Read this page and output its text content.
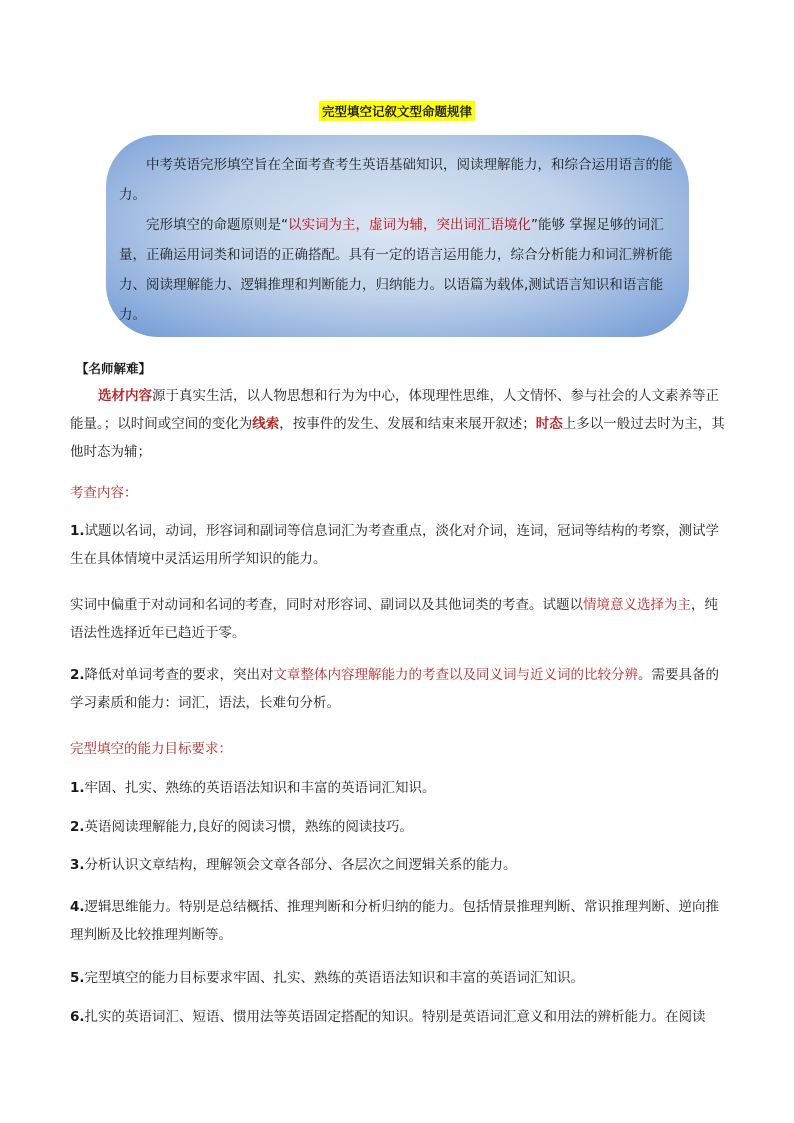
完型填空记叙文型命题规律

中考英语完形填空旨在全面考查考生英语基础知识，阅读理解能力，和综合运用语言的能力。

完形填空的命题原则是“以实词为主，虚词为辅，突出词汇语境化”能够 掌握足够的词汇量，正确运用词类和词语的正确搭配。具有一定的语言运用能力，综合分析能力和词汇辨析能力、阅读理解能力、逻辑推理和判断能力，归纳能力。以语篇为载体,测试语言知识和语言能力。

【名师解难】

选材内容源于真实生活，以人物思想和行为为中心，体现理性思维，人文情怀、参与社会的人文素养等正能量。；以时间或空间的变化为线索，按事件的发生、发展和结束来展开叙述；时态上多以一般过去时为主，其他时态为辅；

考查内容：

1.试题以名词，动词，形容词和副词等信息词汇为考查重点，淡化对介词，连词，冠词等结构的考察，测试学生在具体情境中灵活运用所学知识的能力。

实词中偏重于对动词和名词的考查，同时对形容词、副词以及其他词类的考查。试题以情境意义选择为主，纯语法性选择近年已趋近于零。

2.降低对单词考查的要求，突出对文章整体内容理解能力的考查以及同义词与近义词的比较分辨。需要具备的学习素质和能力：词汇，语法，长难句分析。

完型填空的能力目标要求：

1.牢固、扎实、熟练的英语语法知识和丰富的英语词汇知识。

2.英语阅读理解能力,良好的阅读习惯，熟练的阅读技巧。

3.分析认识文章结构，理解领会文章各部分、各层次之间逻辑关系的能力。

4.逻辑思维能力。特别是总结概括、推理判断和分析归纳的能力。包括情景推理判断、常识推理判断、逆向推理判断及比较推理判断等。

5.完型填空的能力目标要求牢固、扎实、熟练的英语语法知识和丰富的英语词汇知识。

6.扎实的英语词汇、短语、惯用法等英语固定搭配的知识。特别是英语词汇意义和用法的辨析能力。在阅读
